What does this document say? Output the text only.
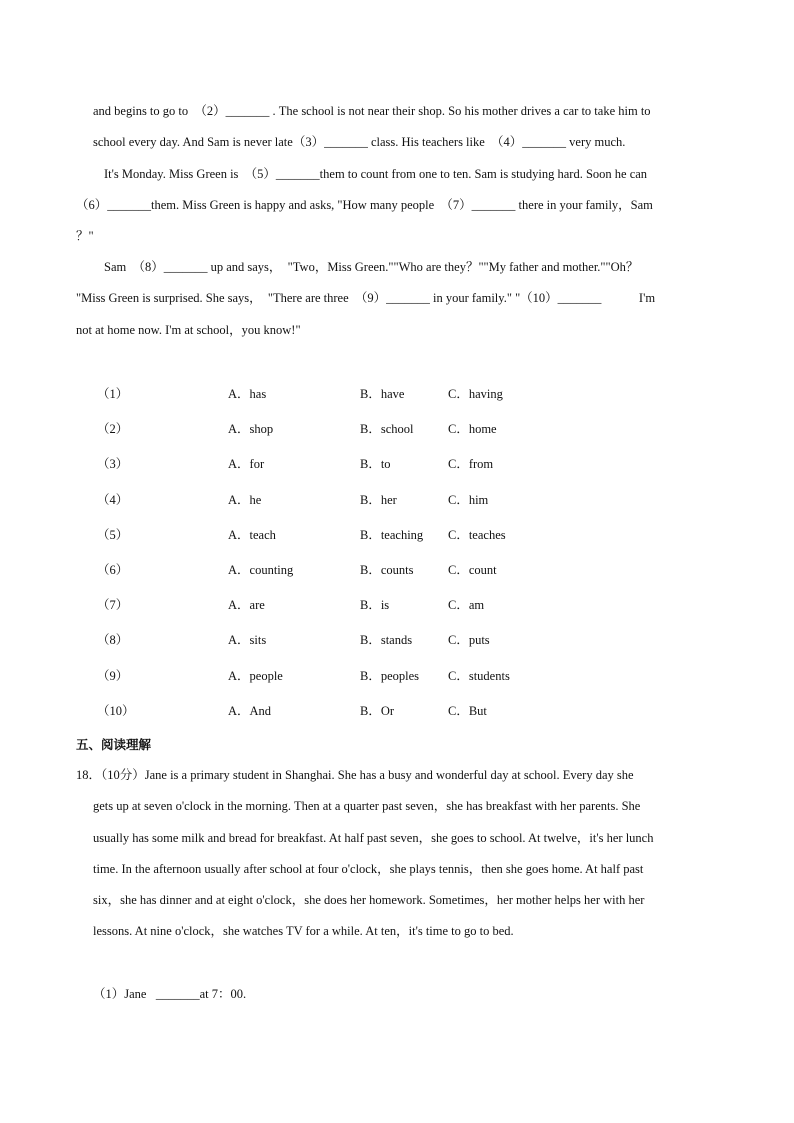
and begins to go to  （2）_______ . The school is not near their shop. So his mother drives a car to take him to
school every day. And Sam is never late（3）_______ class. His teachers like  （4）_______ very much.
It's Monday. Miss Green is  （5）_______them to count from one to ten. Sam is studying hard. Soon he can
（6）_______them. Miss Green is happy and asks, "How many people  （7）_______ there in your family，Sam
？"
Sam  （8）_______ up and says，  "Two，Miss Green.""Who are they？""My father and mother.""Oh？
"Miss Green is surprised. She says，  "There are three  （9）_______ in your family." "（10）_______            I'm
not at home now. I'm at school，you know!"
（1）	A．has	B．have	C．having
（2）	A．shop	B．school	C．home
（3）	A．for	B．to	C．from
（4）	A．he	B．her	C．him
（5）	A．teach	B．teaching C．teaches
（6）	A．counting	B．counts	C．count
（7）	A．are	B．is	C．am
（8）	A．sits	B．stands	C．puts
（9）	A．people	B．peoples C．students
（10）	A．And	B．Or	C．But
五、阅读理解
18．（10分）Jane is a primary student in Shanghai. She has a busy and wonderful day at school. Every day she
gets up at seven o'clock in the morning. Then at a quarter past seven，she has breakfast with her parents. She
usually has some milk and bread for breakfast. At half past seven，she goes to school. At twelve，it's her lunch
time. In the afternoon usually after school at four o'clock，she plays tennis，then she goes home. At half past
six，she has dinner and at eight o'clock，she does her homework. Sometimes，her mother helps her with her
lessons. At nine o'clock，she watches TV for a while. At ten，it's time to go to bed.
（1）Jane   _______at 7：00.
